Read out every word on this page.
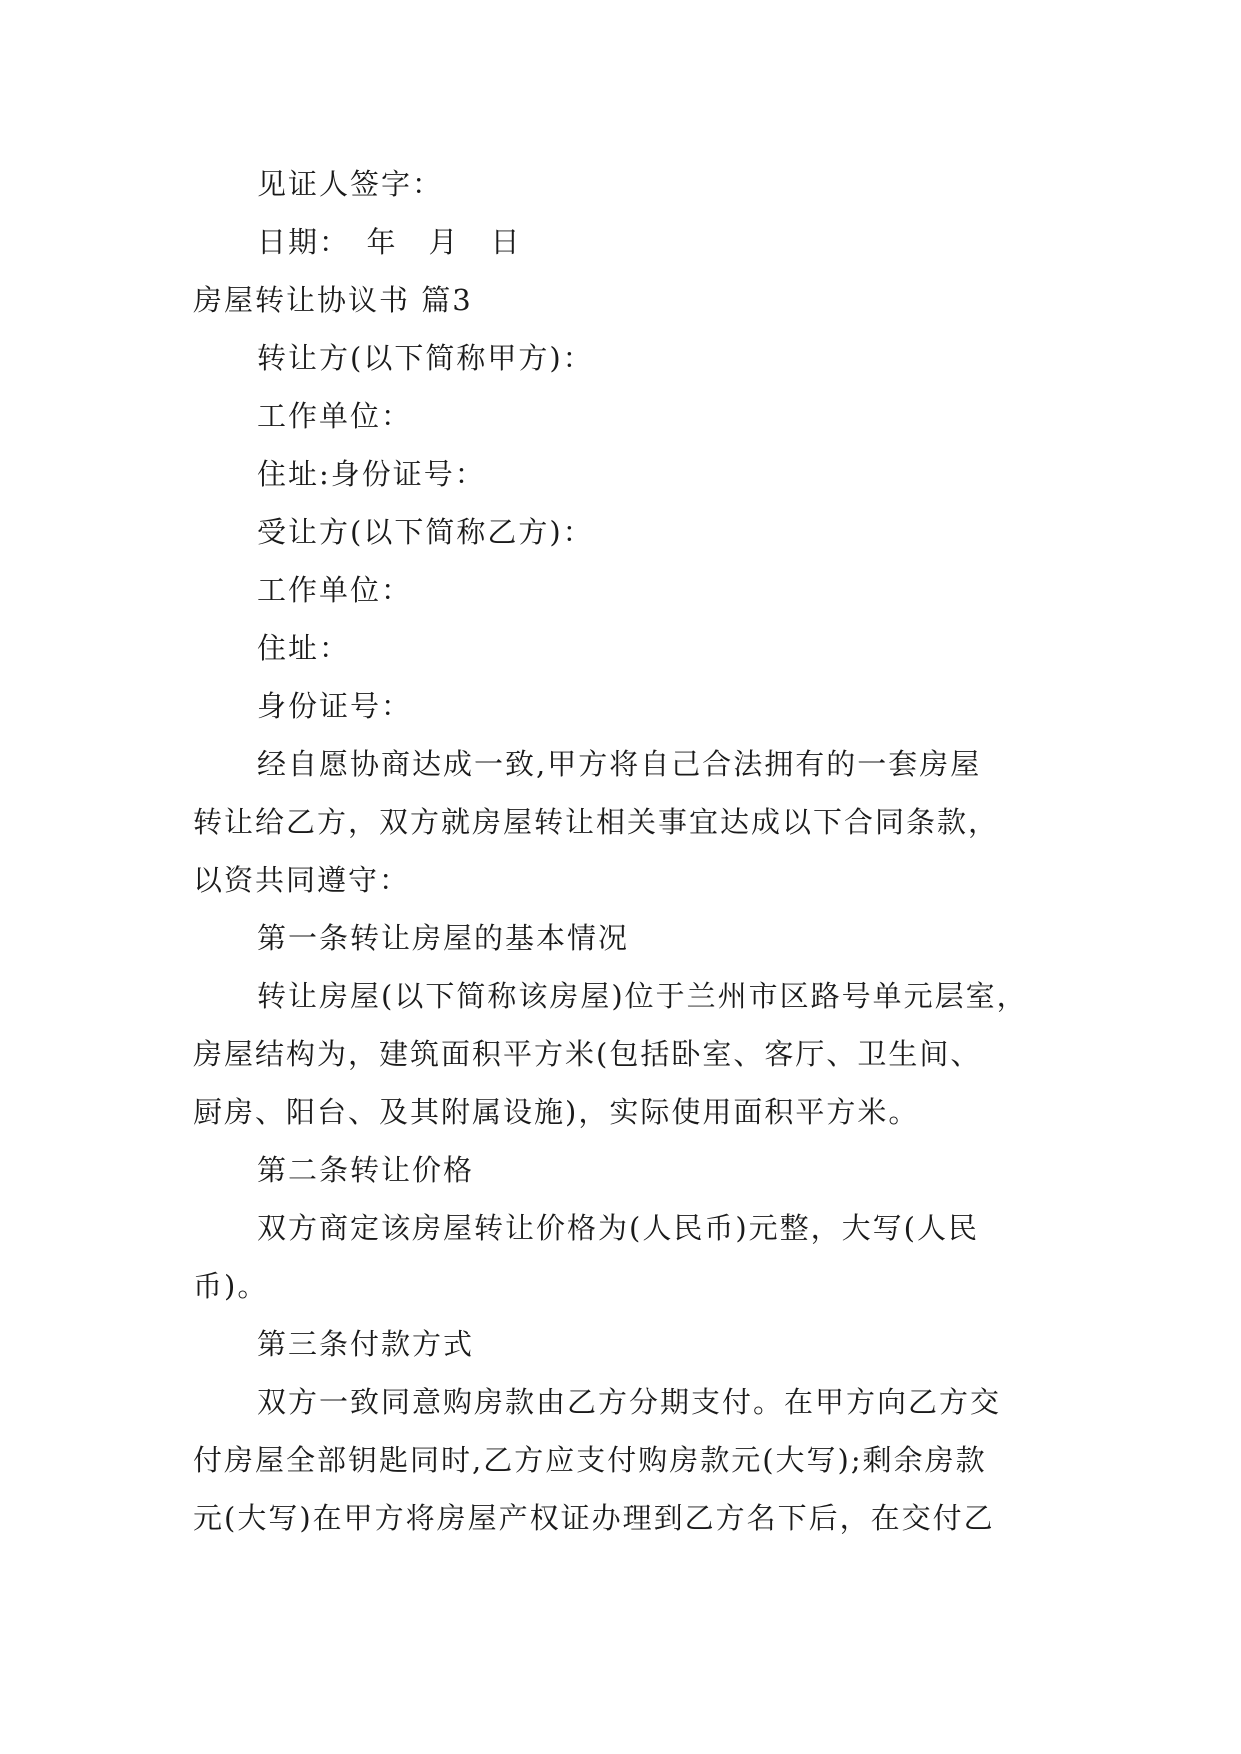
见证人签字：
日期：　年　月　日
房屋转让协议书 篇3
转让方(以下简称甲方)：
工作单位：
住址:身份证号：
受让方(以下简称乙方)：
工作单位：
住址：
身份证号：
经自愿协商达成一致,甲方将自己合法拥有的一套房屋
转让给乙方，双方就房屋转让相关事宜达成以下合同条款，
以资共同遵守：
第一条转让房屋的基本情况
转让房屋(以下简称该房屋)位于兰州市区路号单元层室，
房屋结构为，建筑面积平方米(包括卧室、客厅、卫生间、
厨房、阳台、及其附属设施)，实际使用面积平方米。
第二条转让价格
双方商定该房屋转让价格为(人民币)元整，大写(人民
币)。
第三条付款方式
双方一致同意购房款由乙方分期支付。在甲方向乙方交
付房屋全部钥匙同时,乙方应支付购房款元(大写);剩余房款
元(大写)在甲方将房屋产权证办理到乙方名下后，在交付乙
